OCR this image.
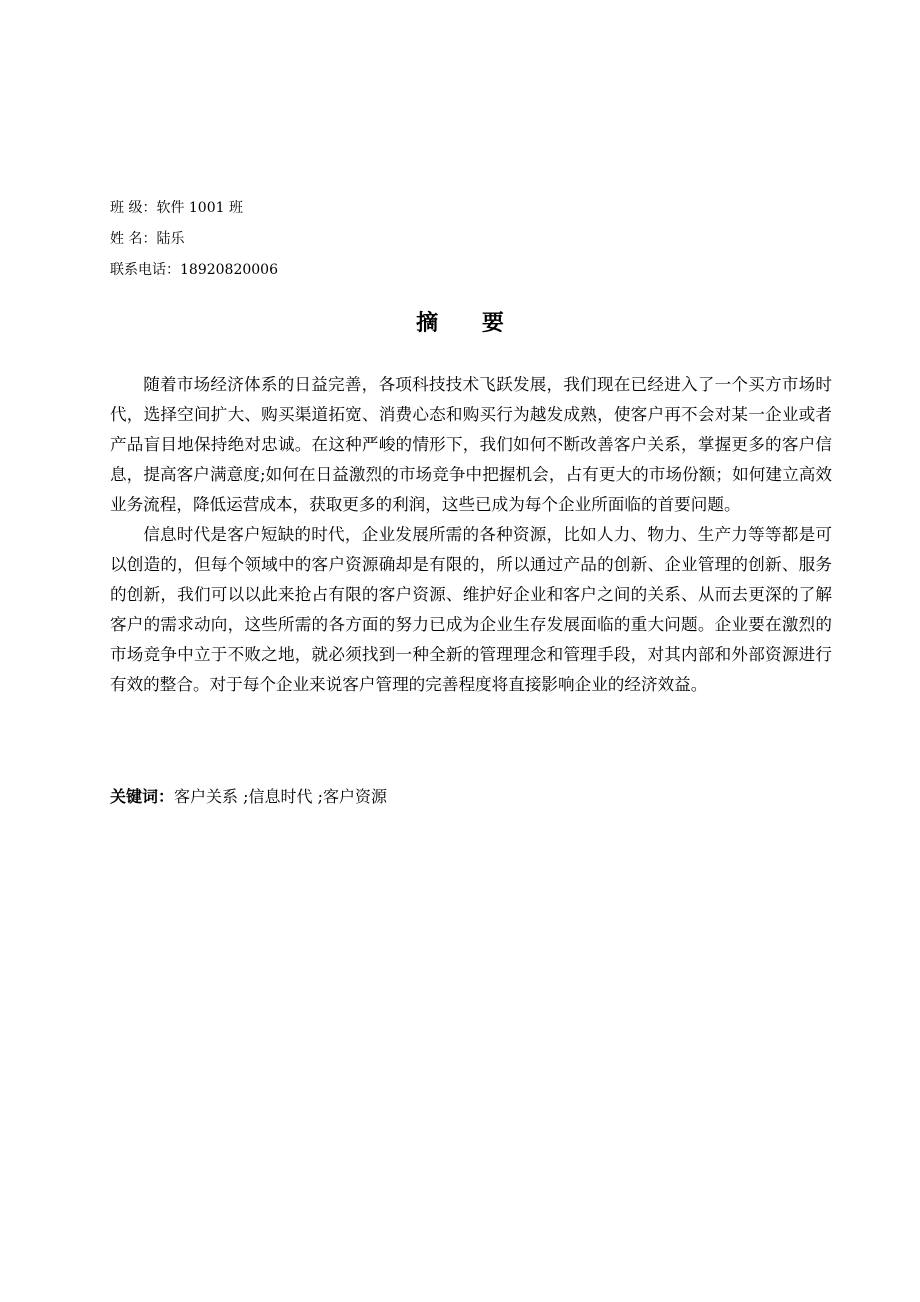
班 级：软件 1001 班
姓 名：陆乐
联系电话：18920820006
摘 要

随着市场经济体系的日益完善，各项科技技术飞跃发展，我们现在已经进入了一个买方市场时代，选择空间扩大、购买渠道拓宽、消费心态和购买行为越发成熟，使客户再不会对某一企业或者产品盲目地保持绝对忠诚。在这种严峻的情形下，我们如何不断改善客户关系，掌握更多的客户信息，提高客户满意度;如何在日益激烈的市场竞争中把握机会，占有更大的市场份额；如何建立高效业务流程，降低运营成本，获取更多的利润，这些已成为每个企业所面临的首要问题。

信息时代是客户短缺的时代，企业发展所需的各种资源，比如人力、物力、生产力等等都是可以创造的，但每个领域中的客户资源确却是有限的，所以通过产品的创新、企业管理的创新、服务的创新，我们可以以此来抢占有限的客户资源、维护好企业和客户之间的关系、从而去更深的了解客户的需求动向，这些所需的各方面的努力已成为企业生存发展面临的重大问题。企业要在激烈的市场竞争中立于不败之地，就必须找到一种全新的管理理念和管理手段，对其内部和外部资源进行有效的整合。对于每个企业来说客户管理的完善程度将直接影响企业的经济效益。

关键词：客户关系 ;信息时代 ;客户资源
